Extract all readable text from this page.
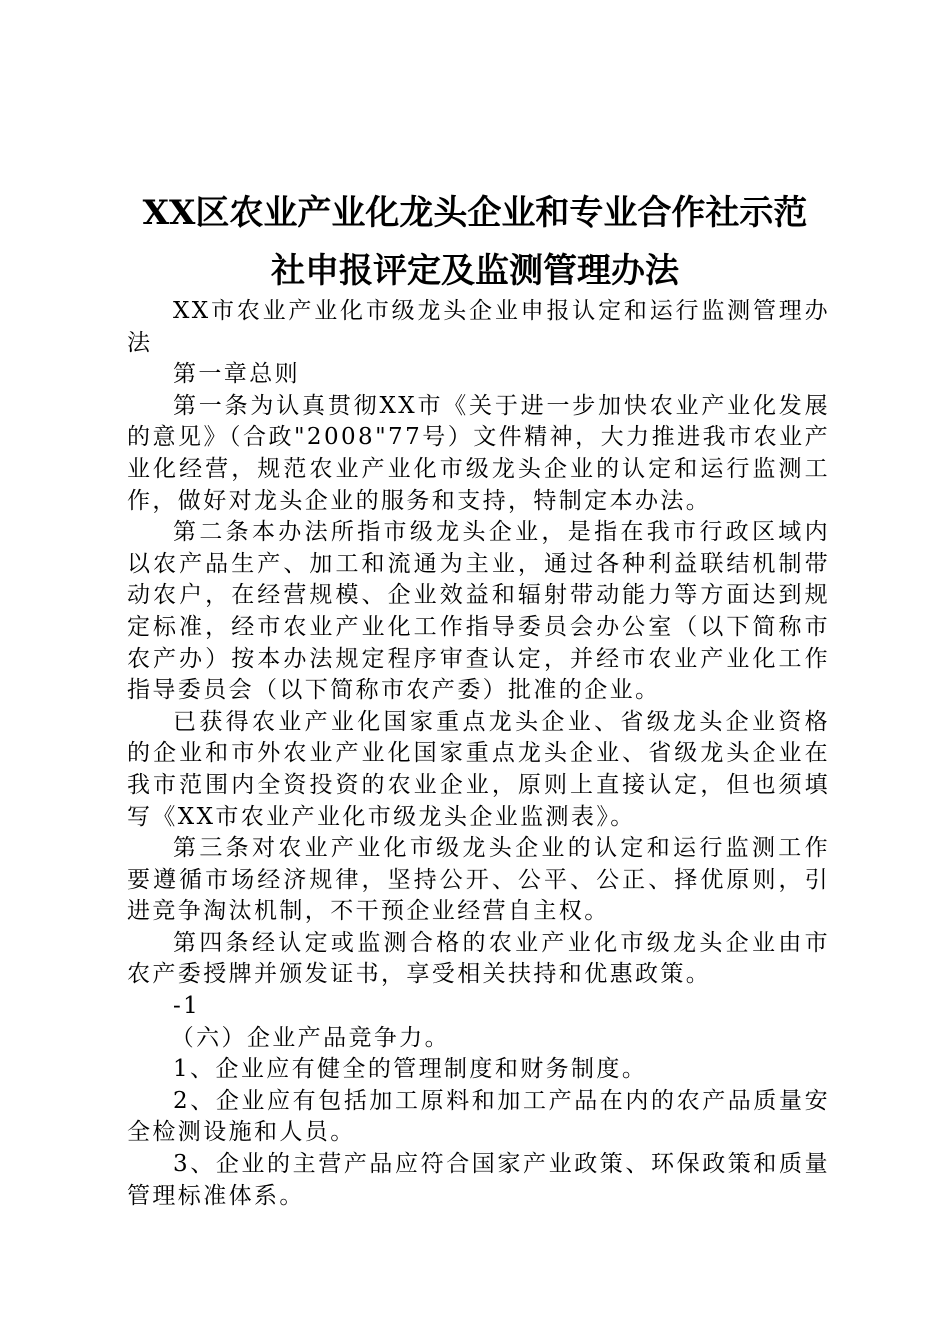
XX区农业产业化龙头企业和专业合作社示范
社申报评定及监测管理办法

XX市农业产业化市级龙头企业申报认定和运行监测管理办法

第一章总则

第一条为认真贯彻XX市《关于进一步加快农业产业化发展的意见》（合政"2008"77号）文件精神，大力推进我市农业产业化经营，规范农业产业化市级龙头企业的认定和运行监测工作，做好对龙头企业的服务和支持，特制定本办法。

第二条本办法所指市级龙头企业，是指在我市行政区域内以农产品生产、加工和流通为主业，通过各种利益联结机制带动农户，在经营规模、企业效益和辐射带动能力等方面达到规定标准，经市农业产业化工作指导委员会办公室（以下简称市农产办）按本办法规定程序审查认定，并经市农业产业化工作指导委员会（以下简称市农产委）批准的企业。

已获得农业产业化国家重点龙头企业、省级龙头企业资格的企业和市外农业产业化国家重点龙头企业、省级龙头企业在我市范围内全资投资的农业企业，原则上直接认定，但也须填写《XX市农业产业化市级龙头企业监测表》。

第三条对农业产业化市级龙头企业的认定和运行监测工作要遵循市场经济规律，坚持公开、公平、公正、择优原则，引进竞争淘汰机制，不干预企业经营自主权。

第四条经认定或监测合格的农业产业化市级龙头企业由市农产委授牌并颁发证书，享受相关扶持和优惠政策。

-1

（六）企业产品竞争力。

1、企业应有健全的管理制度和财务制度。

2、企业应有包括加工原料和加工产品在内的农产品质量安全检测设施和人员。

3、企业的主营产品应符合国家产业政策、环保政策和质量管理标准体系。
